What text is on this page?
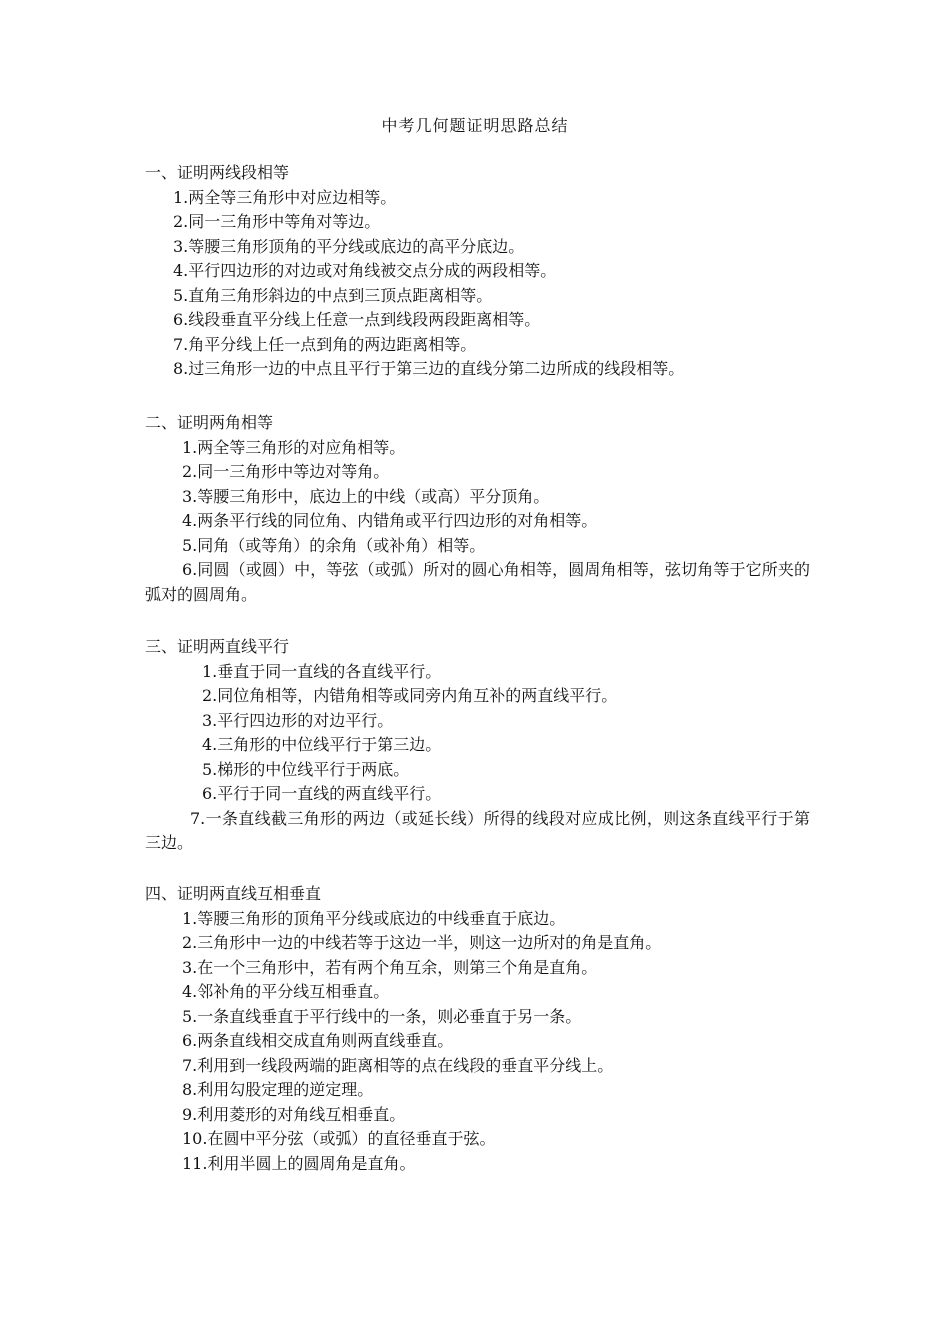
中考几何题证明思路总结
一、证明两线段相等
1.两全等三角形中对应边相等。
2.同一三角形中等角对等边。
3.等腰三角形顶角的平分线或底边的高平分底边。
4.平行四边形的对边或对角线被交点分成的两段相等。
5.直角三角形斜边的中点到三顶点距离相等。
6.线段垂直平分线上任意一点到线段两段距离相等。
7.角平分线上任一点到角的两边距离相等。
8.过三角形一边的中点且平行于第三边的直线分第二边所成的线段相等。
二、证明两角相等
1.两全等三角形的对应角相等。
2.同一三角形中等边对等角。
3.等腰三角形中，底边上的中线（或高）平分顶角。
4.两条平行线的同位角、内错角或平行四边形的对角相等。
5.同角（或等角）的余角（或补角）相等。
6.同圆（或圆）中，等弦（或弧）所对的圆心角相等，圆周角相等，弦切角等于它所夹的弧对的圆周角。
三、证明两直线平行
1.垂直于同一直线的各直线平行。
2.同位角相等，内错角相等或同旁内角互补的两直线平行。
3.平行四边形的对边平行。
4.三角形的中位线平行于第三边。
5.梯形的中位线平行于两底。
6.平行于同一直线的两直线平行。
7.一条直线截三角形的两边（或延长线）所得的线段对应成比例，则这条直线平行于第三边。
四、证明两直线互相垂直
1.等腰三角形的顶角平分线或底边的中线垂直于底边。
2.三角形中一边的中线若等于这边一半，则这一边所对的角是直角。
3.在一个三角形中，若有两个角互余，则第三个角是直角。
4.邻补角的平分线互相垂直。
5.一条直线垂直于平行线中的一条，则必垂直于另一条。
6.两条直线相交成直角则两直线垂直。
7.利用到一线段两端的距离相等的点在线段的垂直平分线上。
8.利用勾股定理的逆定理。
9.利用菱形的对角线互相垂直。
10.在圆中平分弦（或弧）的直径垂直于弦。
11.利用半圆上的圆周角是直角。
